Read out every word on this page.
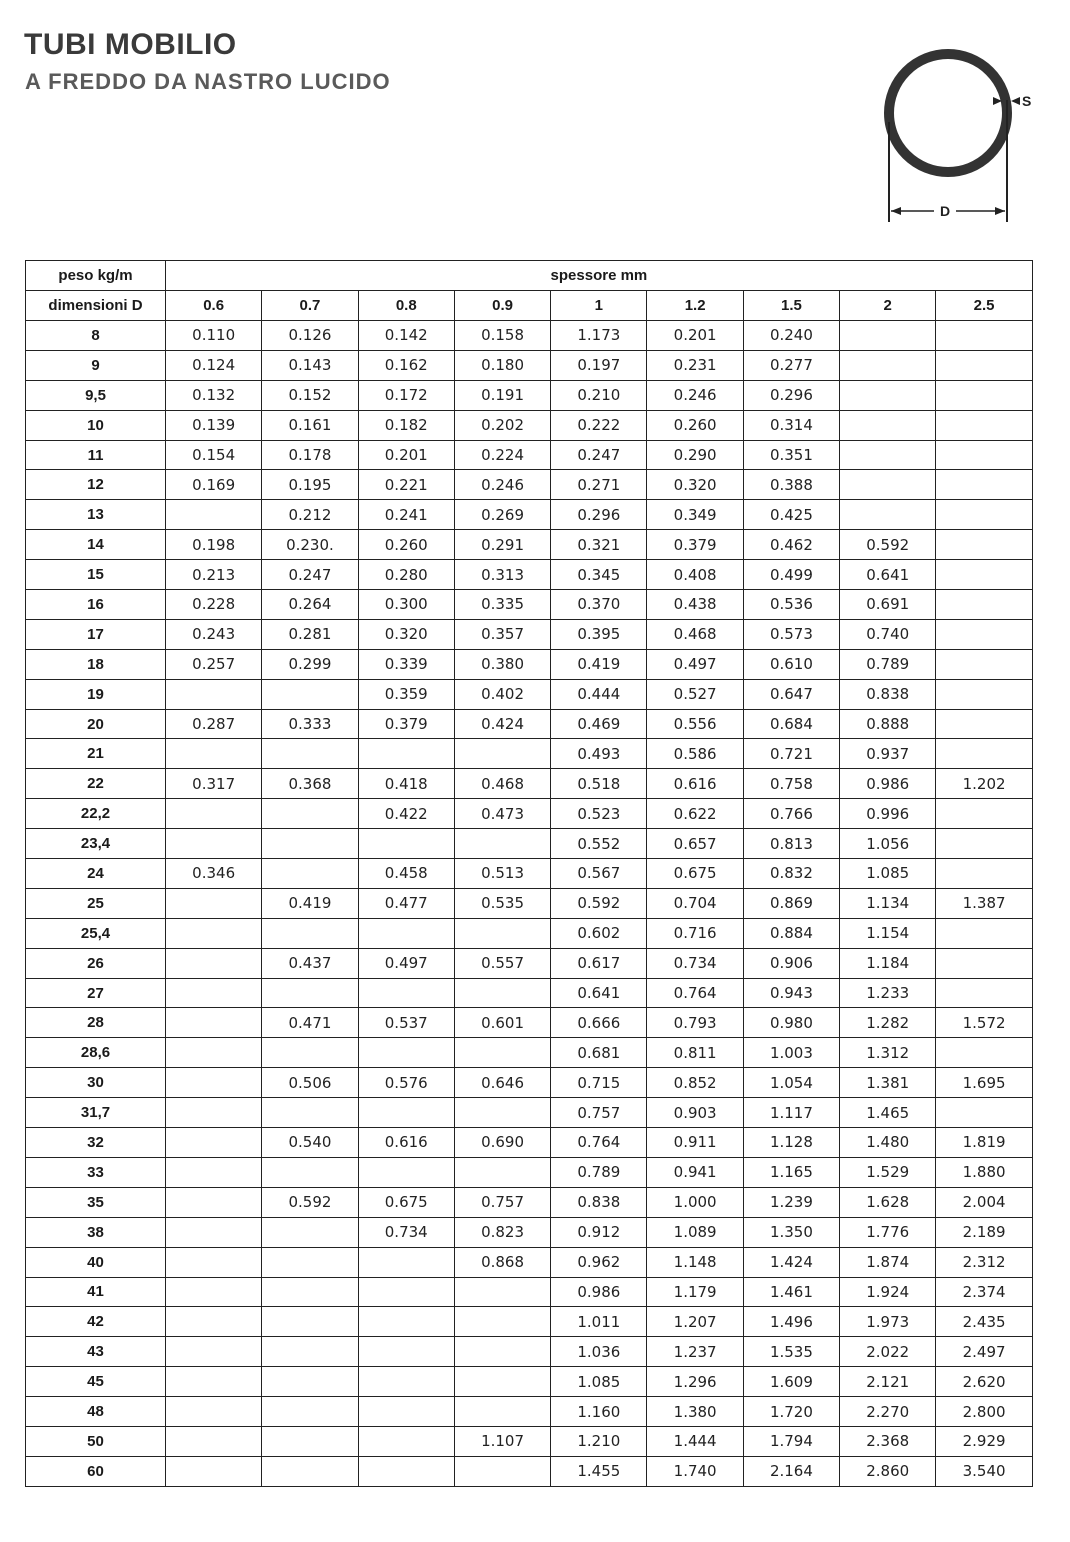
TUBI MOBILIO
A FREDDO DA NASTRO LUCIDO
D
S
peso kg/m	spessore mm								
dimensioni D	0.6	0.7	0.8	0.9	1	1.2	1.5	2	2.5
8	0.110	0.126	0.142	0.158	1.173	0.201	0.240		
9	0.124	0.143	0.162	0.180	0.197	0.231	0.277		
9,5	0.132	0.152	0.172	0.191	0.210	0.246	0.296		
10	0.139	0.161	0.182	0.202	0.222	0.260	0.314		
11	0.154	0.178	0.201	0.224	0.247	0.290	0.351		
12	0.169	0.195	0.221	0.246	0.271	0.320	0.388		
13		0.212	0.241	0.269	0.296	0.349	0.425		
14	0.198	0.230.	0.260	0.291	0.321	0.379	0.462	0.592	
15	0.213	0.247	0.280	0.313	0.345	0.408	0.499	0.641	
16	0.228	0.264	0.300	0.335	0.370	0.438	0.536	0.691	
17	0.243	0.281	0.320	0.357	0.395	0.468	0.573	0.740	
18	0.257	0.299	0.339	0.380	0.419	0.497	0.610	0.789	
19			0.359	0.402	0.444	0.527	0.647	0.838	
20	0.287	0.333	0.379	0.424	0.469	0.556	0.684	0.888	
21					0.493	0.586	0.721	0.937	
22	0.317	0.368	0.418	0.468	0.518	0.616	0.758	0.986	1.202
22,2			0.422	0.473	0.523	0.622	0.766	0.996	
23,4					0.552	0.657	0.813	1.056	
24	0.346		0.458	0.513	0.567	0.675	0.832	1.085	
25		0.419	0.477	0.535	0.592	0.704	0.869	1.134	1.387
25,4					0.602	0.716	0.884	1.154	
26		0.437	0.497	0.557	0.617	0.734	0.906	1.184	
27					0.641	0.764	0.943	1.233	
28		0.471	0.537	0.601	0.666	0.793	0.980	1.282	1.572
28,6					0.681	0.811	1.003	1.312	
30		0.506	0.576	0.646	0.715	0.852	1.054	1.381	1.695
31,7					0.757	0.903	1.117	1.465	
32		0.540	0.616	0.690	0.764	0.911	1.128	1.480	1.819
33					0.789	0.941	1.165	1.529	1.880
35		0.592	0.675	0.757	0.838	1.000	1.239	1.628	2.004
38			0.734	0.823	0.912	1.089	1.350	1.776	2.189
40				0.868	0.962	1.148	1.424	1.874	2.312
41					0.986	1.179	1.461	1.924	2.374
42					1.011	1.207	1.496	1.973	2.435
43					1.036	1.237	1.535	2.022	2.497
45					1.085	1.296	1.609	2.121	2.620
48					1.160	1.380	1.720	2.270	2.800
50				1.107	1.210	1.444	1.794	2.368	2.929
60					1.455	1.740	2.164	2.860	3.540
